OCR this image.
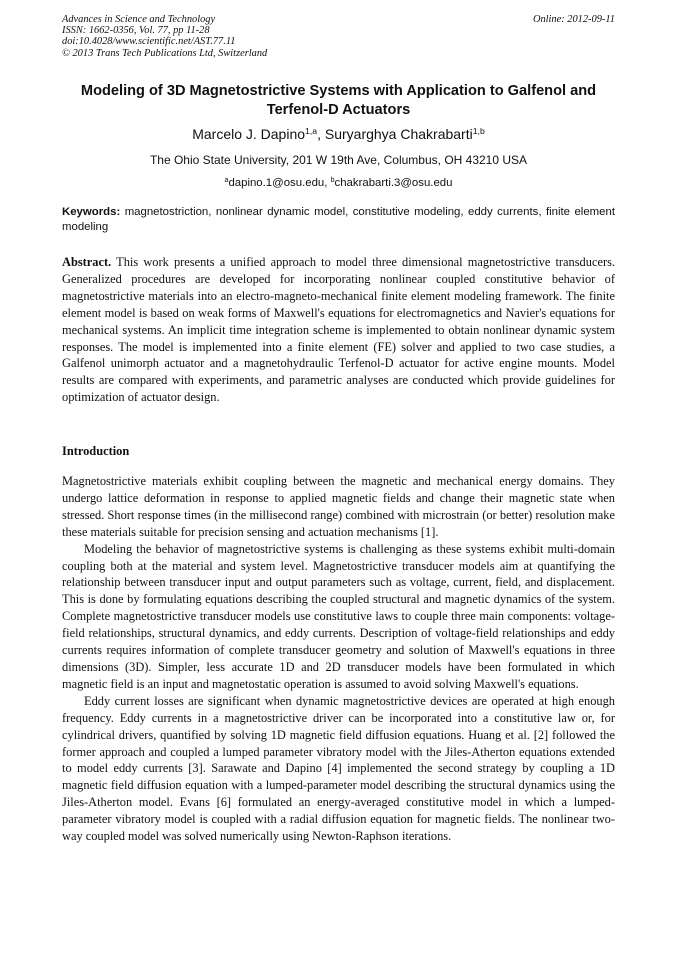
Advances in Science and Technology
ISSN: 1662-0356, Vol. 77, pp 11-28
doi:10.4028/www.scientific.net/AST.77.11
© 2013 Trans Tech Publications Ltd, Switzerland
Online: 2012-09-11
Modeling of 3D Magnetostrictive Systems with Application to Galfenol and Terfenol-D Actuators
Marcelo J. Dapino$^{1,a}$, Suryarghya Chakrabarti$^{1,b}$
The Ohio State University, 201 W 19th Ave, Columbus, OH 43210 USA
$^a$dapino.1@osu.edu, $^b$chakrabarti.3@osu.edu
Keywords: magnetostriction, nonlinear dynamic model, constitutive modeling, eddy currents, finite element modeling
Abstract. This work presents a unified approach to model three dimensional magnetostrictive transducers. Generalized procedures are developed for incorporating nonlinear coupled constitutive behavior of magnetostrictive materials into an electro-magneto-mechanical finite element modeling framework. The finite element model is based on weak forms of Maxwell's equations for electromagnetics and Navier's equations for mechanical systems. An implicit time integration scheme is implemented to obtain nonlinear dynamic system responses. The model is implemented into a finite element (FE) solver and applied to two case studies, a Galfenol unimorph actuator and a magnetohydraulic Terfenol-D actuator for active engine mounts. Model results are compared with experiments, and parametric analyses are conducted which provide guidelines for optimization of actuator design.
Introduction

Magnetostrictive materials exhibit coupling between the magnetic and mechanical energy domains. They undergo lattice deformation in response to applied magnetic fields and change their magnetic state when stressed. Short response times (in the millisecond range) combined with microstrain (or better) resolution make these materials suitable for precision sensing and actuation mechanisms [1].

Modeling the behavior of magnetostrictive systems is challenging as these systems exhibit multi-domain coupling both at the material and system level. Magnetostrictive transducer models aim at quantifying the relationship between transducer input and output parameters such as voltage, current, field, and displacement. This is done by formulating equations describing the coupled structural and magnetic dynamics of the system. Complete magnetostrictive transducer models use constitutive laws to couple three main components: voltage-field relationships, structural dynamics, and eddy currents. Description of voltage-field relationships and eddy currents requires information of complete transducer geometry and solution of Maxwell's equations in three dimensions (3D). Simpler, less accurate 1D and 2D transducer models have been formulated in which magnetic field is an input and magnetostatic operation is assumed to avoid solving Maxwell's equations.

Eddy current losses are significant when dynamic magnetostrictive devices are operated at high enough frequency. Eddy currents in a magnetostrictive driver can be incorporated into a constitutive law or, for cylindrical drivers, quantified by solving 1D magnetic field diffusion equations. Huang et al. [2] followed the former approach and coupled a lumped parameter vibratory model with the Jiles-Atherton equations extended to model eddy currents [3]. Sarawate and Dapino [4] implemented the second strategy by coupling a 1D magnetic field diffusion equation with a lumped-parameter model describing the structural dynamics using the Jiles-Atherton model. Evans [6] formulated an energy-averaged constitutive model in which a lumped-parameter vibratory model is coupled with a radial diffusion equation for magnetic fields. The nonlinear two-way coupled model was solved numerically using Newton-Raphson iterations.
